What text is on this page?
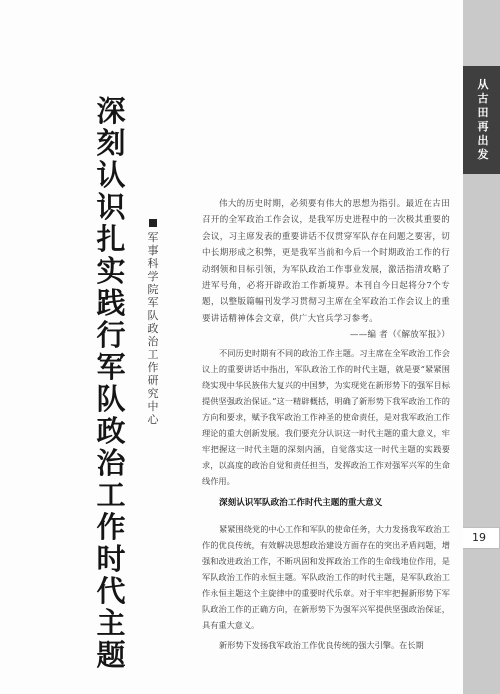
从古田再出发
19
深刻认识扎实践行军队政治工作时代主题
军事科学院军队政治工作研究中心

伟大的历史时期，必须要有伟大的思想为指引。最近在古田召开的全军政治工作会议，是我军历史进程中的一次极其重要的会议，习主席发表的重要讲话不仅贯穿军队存在问题之要害，切中长期形成之积弊，更是我军当前和今后一个时期政治工作的行动纲领和目标引领，为军队政治工作事业发展，激活指清攻略了进军号角，必将开辟政治工作新境界。本刊自今日起将分7个专题，以整版篇幅刊发学习贯彻习主席在全军政治工作会议上的重要讲话精神体会文章，供广大官兵学习参考。

——编 者（《解放军报》）

不同历史时期有不同的政治工作主题。习主席在全军政治工作会议上的重要讲话中指出，军队政治工作的时代主题，就是要“紧紧围绕实现中华民族伟大复兴的中国梦，为实现党在新形势下的强军目标提供坚强政治保证。”这一精辟概括，明确了新形势下我军政治工作的方向和要求，赋予我军政治工作神圣的使命责任，是对我军政治工作理论的重大创新发展。我们要充分认识这一时代主题的重大意义，牢牢把握这一时代主题的深刻内涵，自觉落实这一时代主题的实践要求，以高度的政治自觉和责任担当，发挥政治工作对强军兴军的生命线作用。

深刻认识军队政治工作时代主题的重大意义

紧紧围绕党的中心工作和军队的使命任务，大力发扬我军政治工作的优良传统，有效解决思想政治建设方面存在的突出矛盾问题，增强和改进政治工作，不断巩固和发挥政治工作的生命线地位作用，是军队政治工作的永恒主题。军队政治工作的时代主题，是军队政治工作永恒主题这个主旋律中的重要时代乐章。对于牢牢把握新形势下军队政治工作的正确方向，在新形势下为强军兴军提供坚强政治保证，具有重大意义。

新形势下发扬我军政治工作优良传统的强大引擎。在长期
